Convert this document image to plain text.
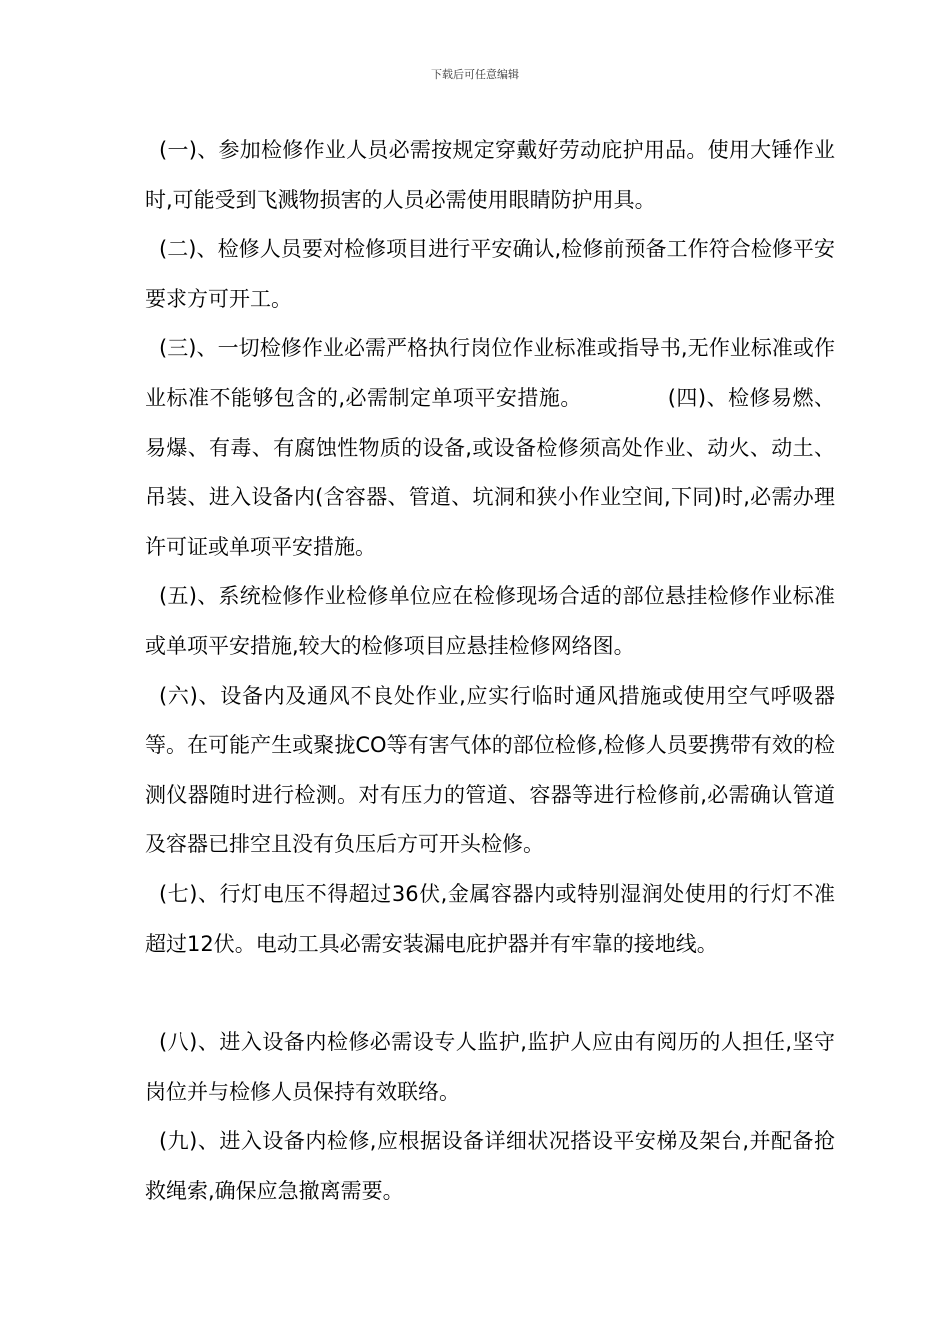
下载后可任意编辑

(一)、参加检修作业人员必需按规定穿戴好劳动庇护用品。使用大锤作业时,可能受到飞溅物损害的人员必需使用眼睛防护用具。

(二)、检修人员要对检修项目进行平安确认,检修前预备工作符合检修平安要求方可开工。

(三)、一切检修作业必需严格执行岗位作业标准或指导书,无作业标准或作业标准不能够包含的,必需制定单项平安措施。            (四)、检修易燃、易爆、有毒、有腐蚀性物质的设备,或设备检修须高处作业、动火、动土、吊装、进入设备内(含容器、管道、坑洞和狭小作业空间,下同)时,必需办理许可证或单项平安措施。

(五)、系统检修作业检修单位应在检修现场合适的部位悬挂检修作业标准或单项平安措施,较大的检修项目应悬挂检修网络图。

(六)、设备内及通风不良处作业,应实行临时通风措施或使用空气呼吸器等。在可能产生或聚拢CO等有害气体的部位检修,检修人员要携带有效的检测仪器随时进行检测。对有压力的管道、容器等进行检修前,必需确认管道及容器已排空且没有负压后方可开头检修。

(七)、行灯电压不得超过36伏,金属容器内或特别湿润处使用的行灯不准超过12伏。电动工具必需安装漏电庇护器并有牢靠的接地线。

(八)、进入设备内检修必需设专人监护,监护人应由有阅历的人担任,坚守岗位并与检修人员保持有效联络。

(九)、进入设备内检修,应根据设备详细状况搭设平安梯及架台,并配备抢救绳索,确保应急撤离需要。
